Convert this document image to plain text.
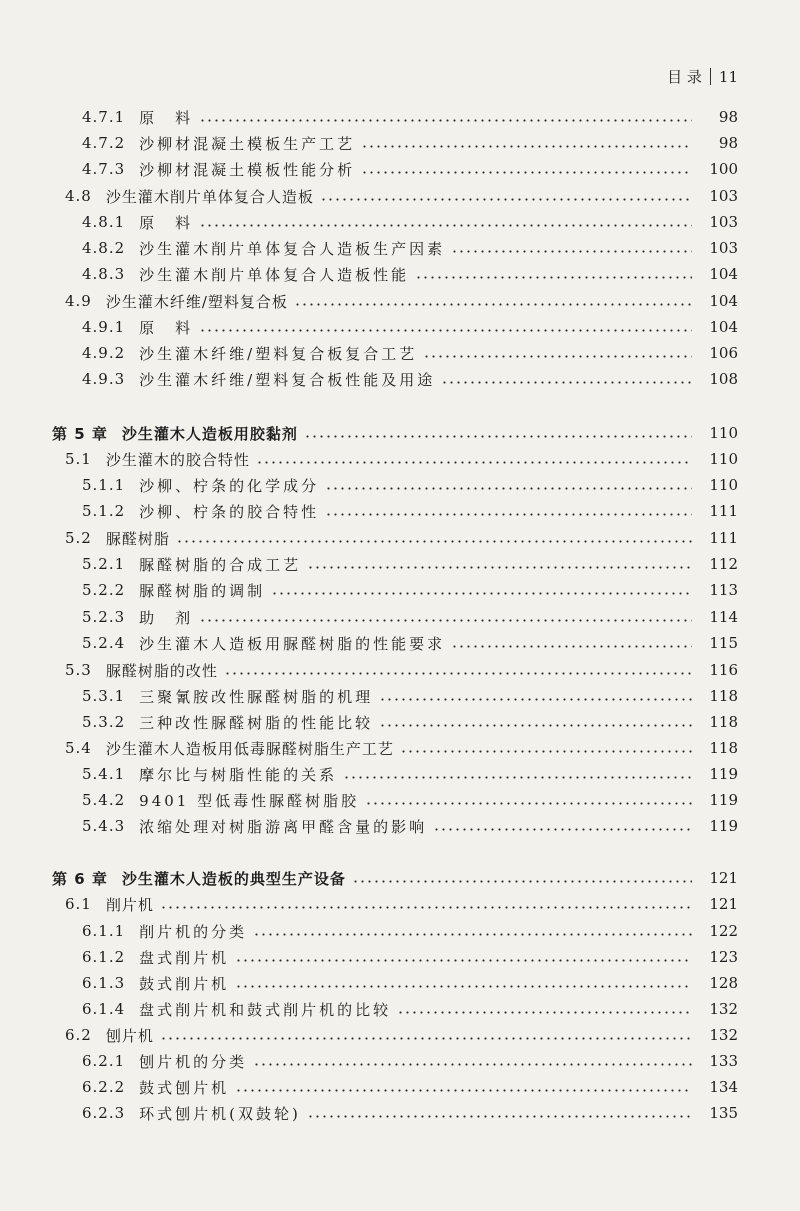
目 录 11
4.7.1 原　料	98
4.7.2 沙柳材混凝土模板生产工艺	98
4.7.3 沙柳材混凝土模板性能分析	100
4.8 沙生灌木削片单体复合人造板	103
4.8.1 原　料	103
4.8.2 沙生灌木削片单体复合人造板生产因素	103
4.8.3 沙生灌木削片单体复合人造板性能	104
4.9 沙生灌木纤维/塑料复合板	104
4.9.1 原　料	104
4.9.2 沙生灌木纤维/塑料复合板复合工艺	106
4.9.3 沙生灌木纤维/塑料复合板性能及用途	108
第 5 章 沙生灌木人造板用胶黏剂	110
5.1 沙生灌木的胶合特性	110
5.1.1 沙柳、柠条的化学成分	110
5.1.2 沙柳、柠条的胶合特性	111
5.2 脲醛树脂	111
5.2.1 脲醛树脂的合成工艺	112
5.2.2 脲醛树脂的调制	113
5.2.3 助　剂	114
5.2.4 沙生灌木人造板用脲醛树脂的性能要求	115
5.3 脲醛树脂的改性	116
5.3.1 三聚氰胺改性脲醛树脂的机理	118
5.3.2 三种改性脲醛树脂的性能比较	118
5.4 沙生灌木人造板用低毒脲醛树脂生产工艺	118
5.4.1 摩尔比与树脂性能的关系	119
5.4.2 9401 型低毒性脲醛树脂胶	119
5.4.3 浓缩处理对树脂游离甲醛含量的影响	119
第 6 章 沙生灌木人造板的典型生产设备	121
6.1 削片机	121
6.1.1 削片机的分类	122
6.1.2 盘式削片机	123
6.1.3 鼓式削片机	128
6.1.4 盘式削片机和鼓式削片机的比较	132
6.2 刨片机	132
6.2.1 刨片机的分类	133
6.2.2 鼓式刨片机	134
6.2.3 环式刨片机(双鼓轮)	135
